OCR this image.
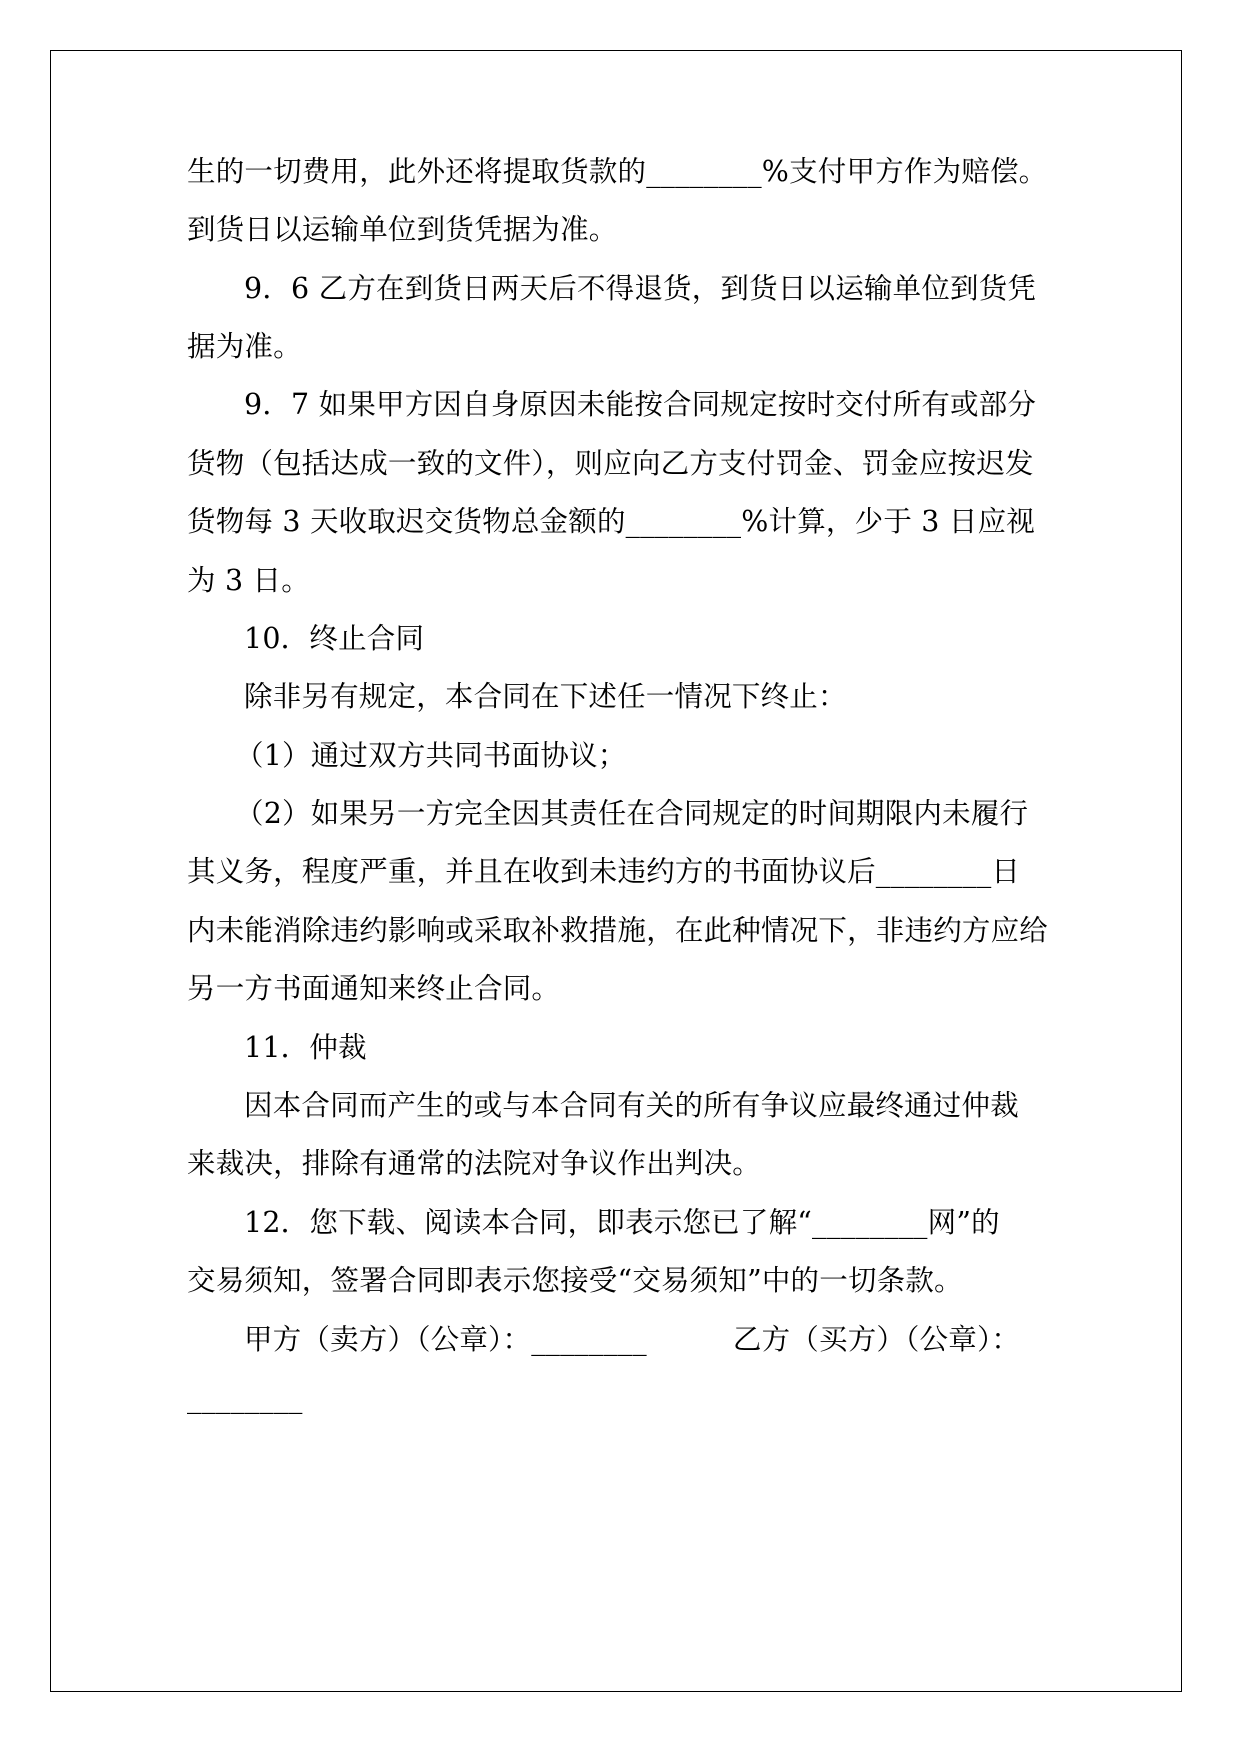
生的一切费用，此外还将提取货款的________%支付甲方作为赔偿。
到货日以运输单位到货凭据为准。
9．6 乙方在到货日两天后不得退货，到货日以运输单位到货凭
据为准。
9．7 如果甲方因自身原因未能按合同规定按时交付所有或部分
货物（包括达成一致的文件），则应向乙方支付罚金、罚金应按迟发
货物每 3 天收取迟交货物总金额的________%计算，少于 3 日应视
为 3 日。
10．终止合同
除非另有规定，本合同在下述任一情况下终止：
（1）通过双方共同书面协议；
（2）如果另一方完全因其责任在合同规定的时间期限内未履行
其义务，程度严重，并且在收到未违约方的书面协议后________日
内未能消除违约影响或采取补救措施，在此种情况下，非违约方应给
另一方书面通知来终止合同。
11．仲裁
因本合同而产生的或与本合同有关的所有争议应最终通过仲裁
来裁决，排除有通常的法院对争议作出判决。
12．您下载、阅读本合同，即表示您已了解“________网”的
交易须知，签署合同即表示您接受“交易须知”中的一切条款。
甲方（卖方）（公章）：________　　　乙方（买方）（公章）：
________
